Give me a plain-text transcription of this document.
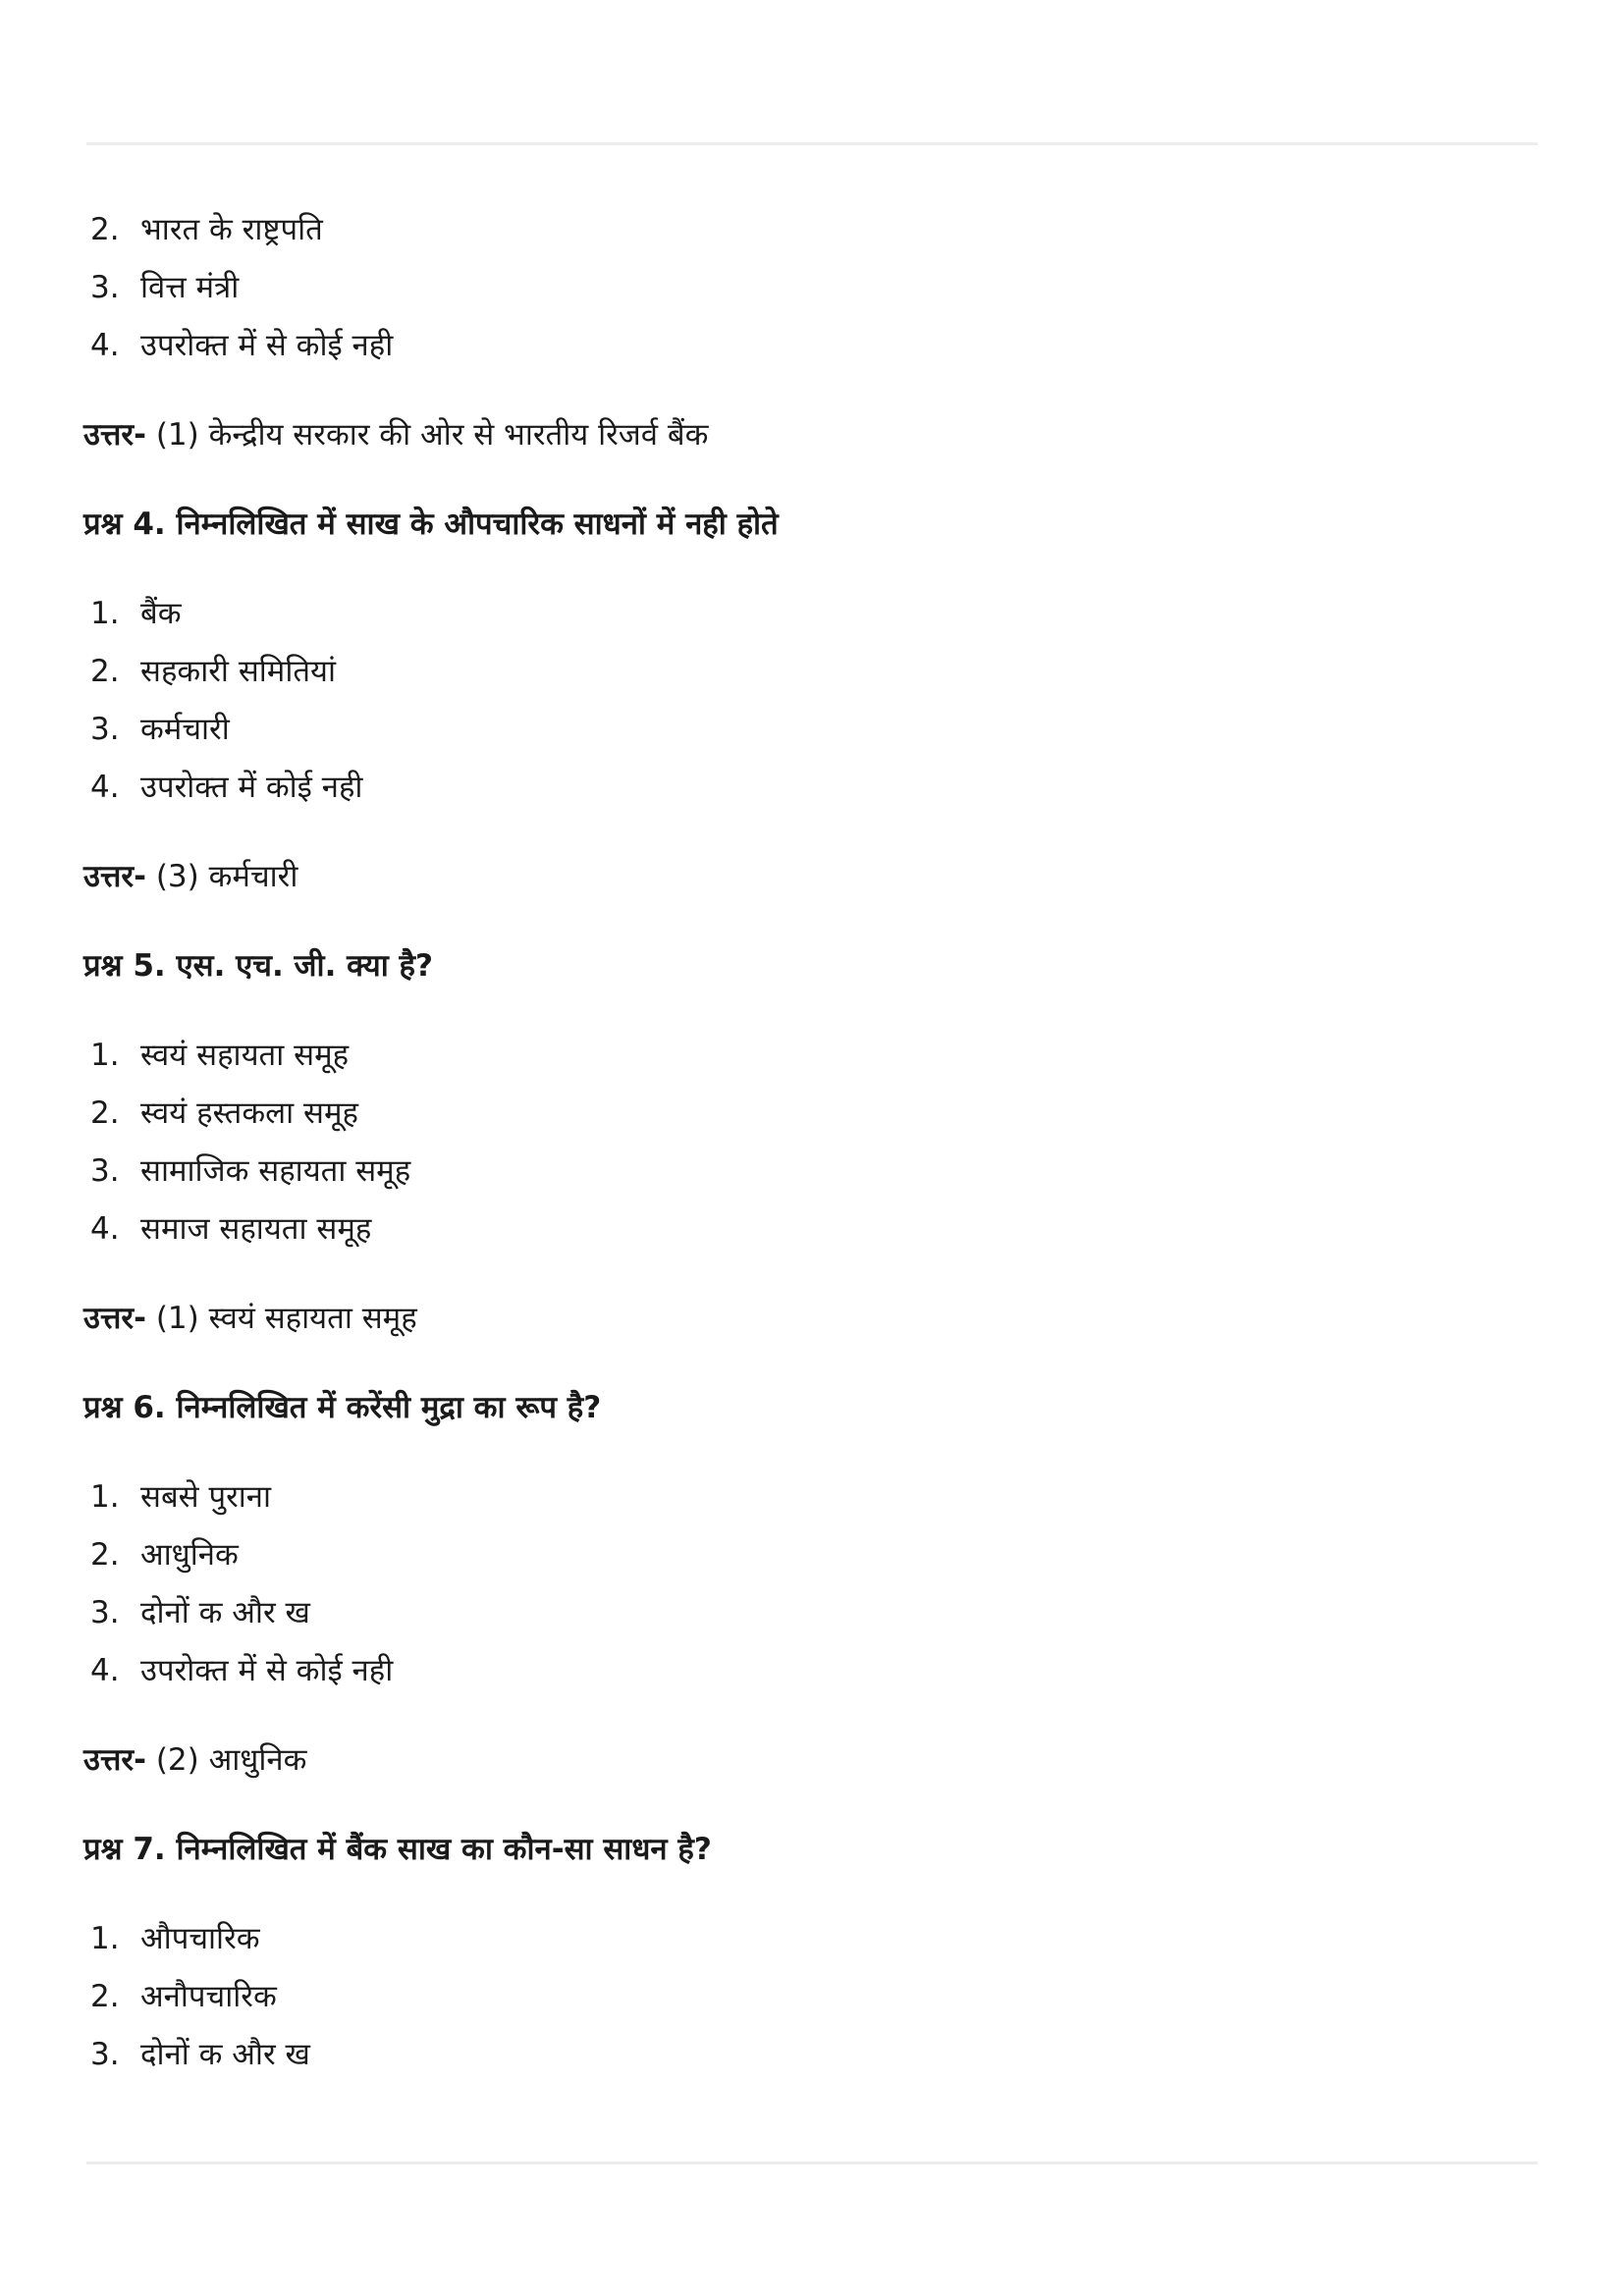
2. भारत के राष्ट्रपति
3. वित्त मंत्री
4. उपरोक्त में से कोई नही
उत्तर- (1) केन्द्रीय सरकार की ओर से भारतीय रिजर्व बैंक
प्रश्न 4. निम्नलिखित में साख के औपचारिक साधनों में नही होते
1. बैंक
2. सहकारी समितियां
3. कर्मचारी
4. उपरोक्त में कोई नही
उत्तर- (3) कर्मचारी
प्रश्न 5. एस. एच. जी. क्या है?
1. स्वयं सहायता समूह
2. स्वयं हस्तकला समूह
3. सामाजिक सहायता समूह
4. समाज सहायता समूह
उत्तर- (1) स्वयं सहायता समूह
प्रश्न 6. निम्नलिखित में करेंसी मुद्रा का रूप है?
1. सबसे पुराना
2. आधुनिक
3. दोनों क और ख
4. उपरोक्त में से कोई नही
उत्तर- (2) आधुनिक
प्रश्न 7. निम्नलिखित में बैंक साख का कौन-सा साधन है?
1. औपचारिक
2. अनौपचारिक
3. दोनों क और ख
